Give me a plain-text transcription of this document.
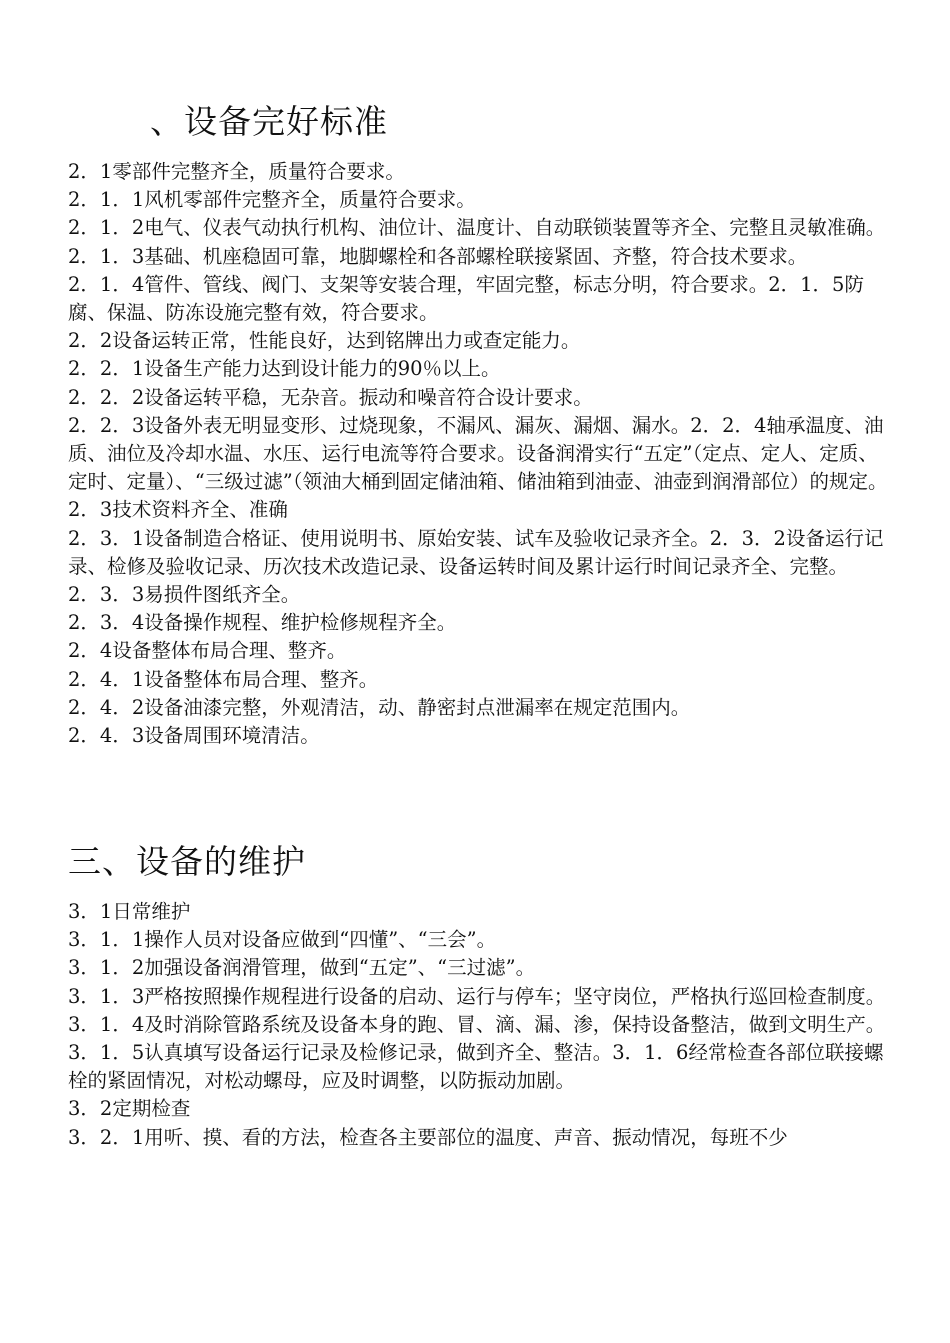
、设备完好标准

2．1零部件完整齐全，质量符合要求。

2．1．1风机零部件完整齐全，质量符合要求。

2．1．2电气、仪表气动执行机构、油位计、温度计、自动联锁装置等齐全、完整且灵敏准确。

2．1．3基础、机座稳固可靠，地脚螺栓和各部螺栓联接紧固、齐整，符合技术要求。

2．1．4管件、管线、阀门、支架等安装合理，牢固完整，标志分明，符合要求。2．1．5防腐、保温、防冻设施完整有效，符合要求。

2．2设备运转正常，性能良好，达到铭牌出力或查定能力。

2．2．1设备生产能力达到设计能力的90％以上。

2．2．2设备运转平稳，无杂音。振动和噪音符合设计要求。

2．2．3设备外表无明显变形、过烧现象，不漏风、漏灰、漏烟、漏水。2．2．4轴承温度、油质、油位及冷却水温、水压、运行电流等符合要求。设备润滑实行“五定”（定点、定人、定质、定时、定量）、“三级过滤”（领油大桶到固定储油箱、储油箱到油壶、油壶到润滑部位）的规定。

2．3技术资料齐全、准确

2．3．1设备制造合格证、使用说明书、原始安装、试车及验收记录齐全。2．3．2设备运行记录、检修及验收记录、历次技术改造记录、设备运转时间及累计运行时间记录齐全、完整。

2．3．3易损件图纸齐全。

2．3．4设备操作规程、维护检修规程齐全。

2．4设备整体布局合理、整齐。

2．4．1设备整体布局合理、整齐。

2．4．2设备油漆完整，外观清洁，动、静密封点泄漏率在规定范围内。

2．4．3设备周围环境清洁。

三、设备的维护

3．1日常维护

3．1．1操作人员对设备应做到“四懂”、“三会”。

3．1．2加强设备润滑管理，做到“五定”、“三过滤”。

3．1．3严格按照操作规程进行设备的启动、运行与停车；坚守岗位，严格执行巡回检查制度。

3．1．4及时消除管路系统及设备本身的跑、冒、滴、漏、渗，保持设备整洁，做到文明生产。

3．1．5认真填写设备运行记录及检修记录，做到齐全、整洁。3．1．6经常检查各部位联接螺栓的紧固情况，对松动螺母，应及时调整，以防振动加剧。

3．2定期检查

3．2．1用听、摸、看的方法，检查各主要部位的温度、声音、振动情况，每班不少
